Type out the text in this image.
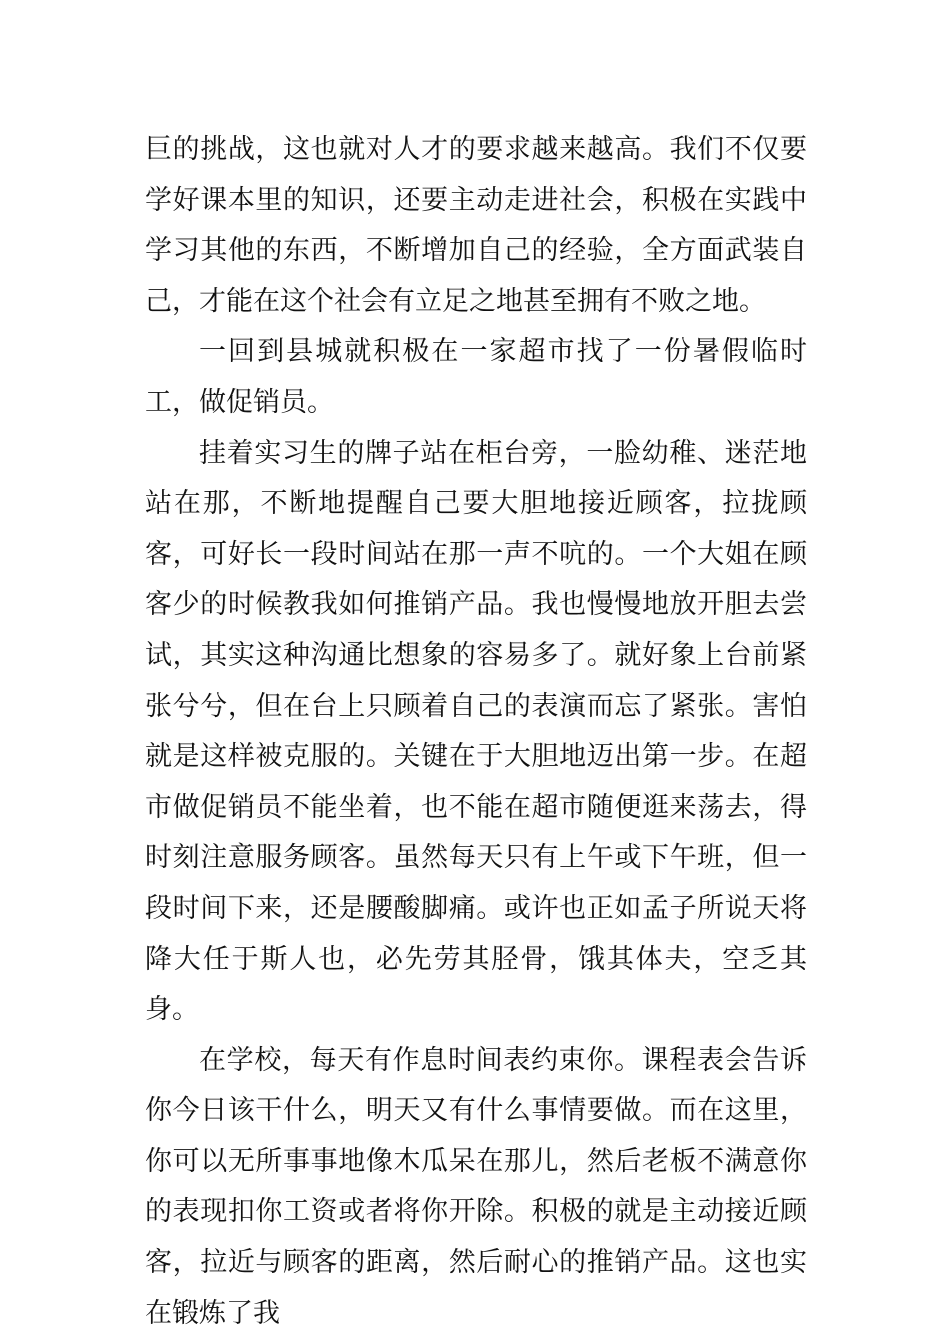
巨的挑战，这也就对人才的要求越来越高。我们不仅要学好课本里的知识，还要主动走进社会，积极在实践中学习其他的东西，不断增加自己的经验，全方面武装自己，才能在这个社会有立足之地甚至拥有不败之地。

一回到县城就积极在一家超市找了一份暑假临时工，做促销员。

挂着实习生的牌子站在柜台旁，一脸幼稚、迷茫地站在那，不断地提醒自己要大胆地接近顾客，拉拢顾客，可好长一段时间站在那一声不吭的。一个大姐在顾客少的时候教我如何推销产品。我也慢慢地放开胆去尝试，其实这种沟通比想象的容易多了。就好象上台前紧张兮兮，但在台上只顾着自己的表演而忘了紧张。害怕就是这样被克服的。关键在于大胆地迈出第一步。在超市做促销员不能坐着，也不能在超市随便逛来荡去，得时刻注意服务顾客。虽然每天只有上午或下午班，但一段时间下来，还是腰酸脚痛。或许也正如孟子所说天将降大任于斯人也，必先劳其胫骨，饿其体夫，空乏其身。

在学校，每天有作息时间表约束你。课程表会告诉你今日该干什么，明天又有什么事情要做。而在这里，你可以无所事事地像木瓜呆在那儿，然后老板不满意你的表现扣你工资或者将你开除。积极的就是主动接近顾客，拉近与顾客的距离，然后耐心的推销产品。这也实在锻炼了我
